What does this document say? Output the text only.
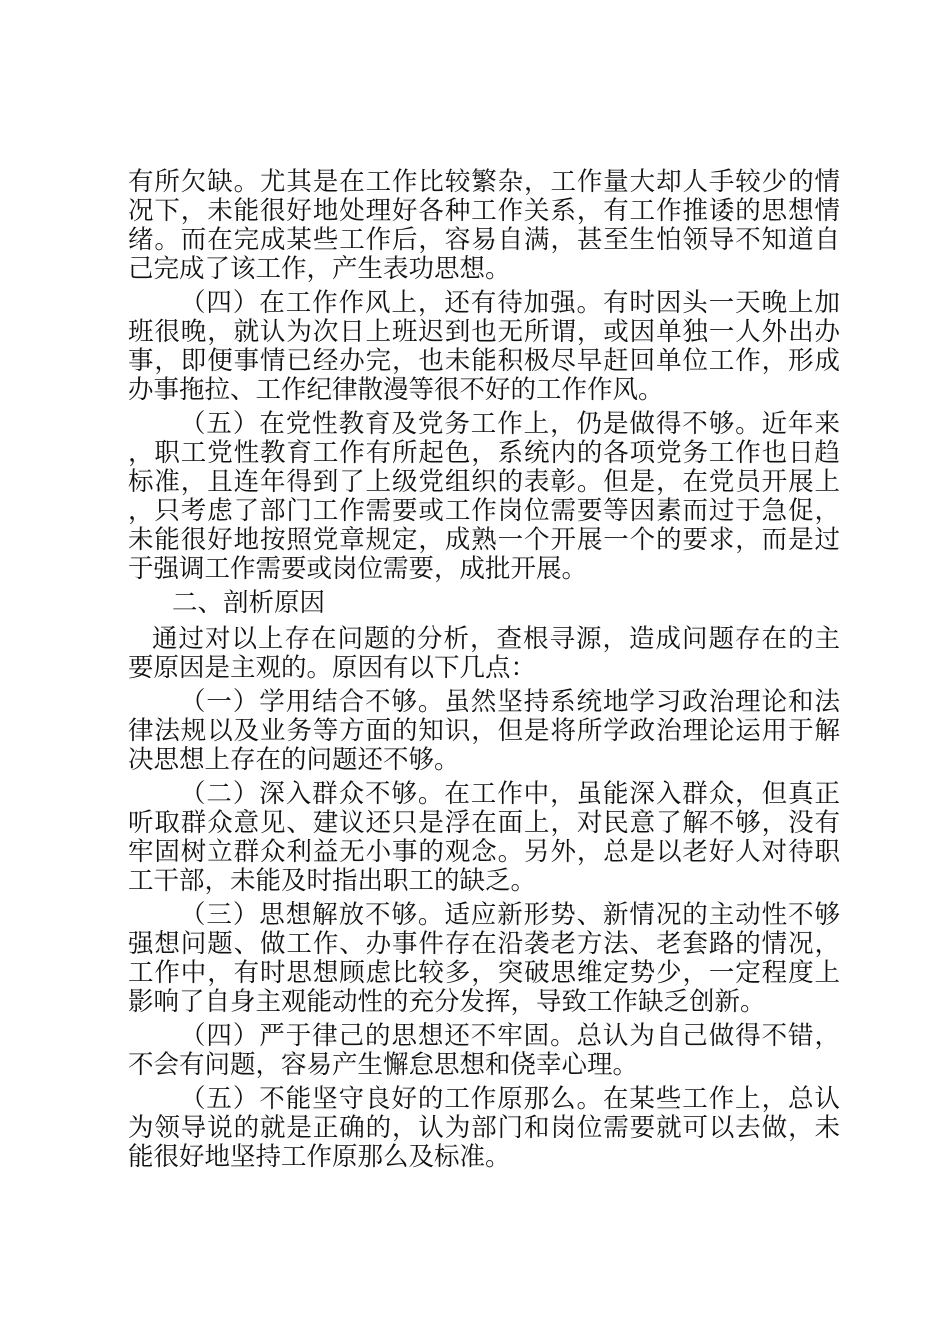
有所欠缺。尤其是在工作比较繁杂，工作量大却人手较少的情况下，未能很好地处理好各种工作关系，有工作推诿的思想情绪。而在完成某些工作后，容易自满，甚至生怕领导不知道自己完成了该工作，产生表功思想。

（四）在工作作风上，还有待加强。有时因头一天晚上加班很晚，就认为次日上班迟到也无所谓，或因单独一人外出办事，即便事情已经办完，也未能积极尽早赶回单位工作，形成办事拖拉、工作纪律散漫等很不好的工作作风。

（五）在党性教育及党务工作上，仍是做得不够。近年来，职工党性教育工作有所起色，系统内的各项党务工作也日趋标准，且连年得到了上级党组织的表彰。但是，在党员开展上，只考虑了部门工作需要或工作岗位需要等因素而过于急促，未能很好地按照党章规定，成熟一个开展一个的要求，而是过于强调工作需要或岗位需要，成批开展。

二、剖析原因

通过对以上存在问题的分析，查根寻源，造成问题存在的主要原因是主观的。原因有以下几点：

（一）学用结合不够。虽然坚持系统地学习政治理论和法律法规以及业务等方面的知识，但是将所学政治理论运用于解决思想上存在的问题还不够。

（二）深入群众不够。在工作中，虽能深入群众，但真正听取群众意见、建议还只是浮在面上，对民意了解不够，没有牢固树立群众利益无小事的观念。另外，总是以老好人对待职工干部，未能及时指出职工的缺乏。

（三）思想解放不够。适应新形势、新情况的主动性不够强想问题、做工作、办事件存在沿袭老方法、老套路的情况，工作中，有时思想顾虑比较多，突破思维定势少，一定程度上影响了自身主观能动性的充分发挥，导致工作缺乏创新。

（四）严于律己的思想还不牢固。总认为自己做得不错，不会有问题，容易产生懈怠思想和侥幸心理。

（五）不能坚守良好的工作原那么。在某些工作上，总认为领导说的就是正确的，认为部门和岗位需要就可以去做，未能很好地坚持工作原那么及标准。
